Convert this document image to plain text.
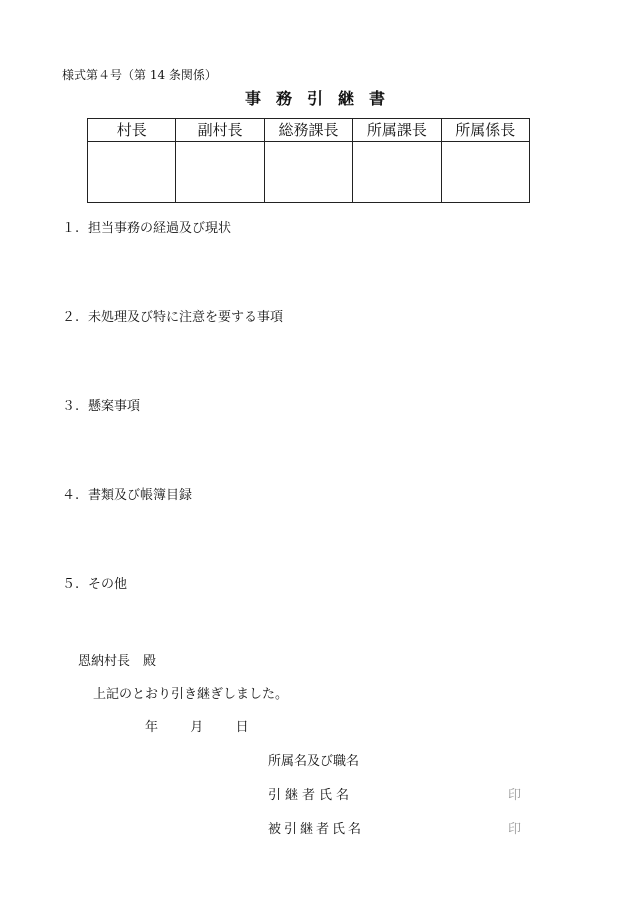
様式第４号（第 14 条関係）
事務引継書
村長	副村長	総務課長	所属課長	所属係長

１. 担当事務の経過及び現状
２. 未処理及び特に注意を要する事項
３. 懸案事項
４. 書類及び帳簿目録
５. その他
恩納村長　殿
上記のとおり引き継ぎしました。
年 月 日
所属名及び職名
引継者氏名	印
被引継者氏名	印
